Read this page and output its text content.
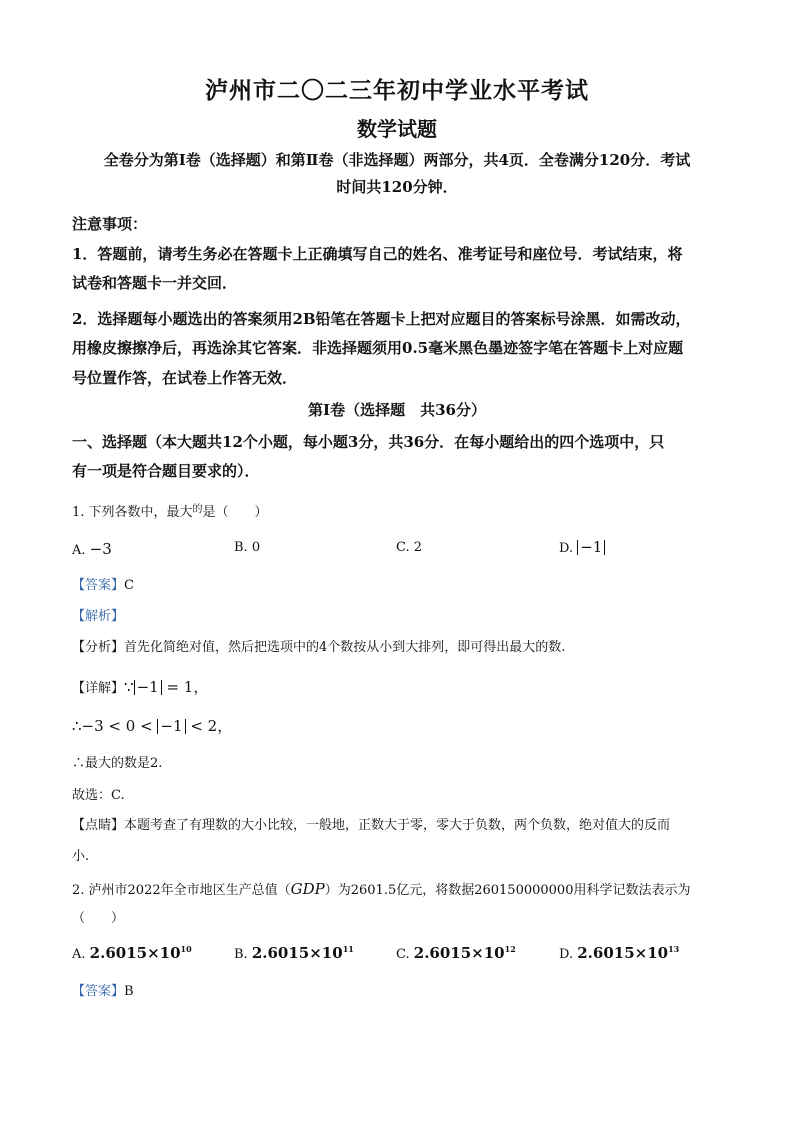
泸州市二〇二三年初中学业水平考试
数学试题

全卷分为第Ⅰ卷（选择题）和第Ⅱ卷（非选择题）两部分，共4页．全卷满分120分．考试

时间共120分钟．

注意事项：

1．答题前，请考生务必在答题卡上正确填写自己的姓名、准考证号和座位号．考试结束，将

试卷和答题卡一并交回．

2．选择题每小题选出的答案须用2B铅笔在答题卡上把对应题目的答案标号涂黑．如需改动，

用橡皮擦擦净后，再选涂其它答案．非选择题须用0.5毫米黑色墨迹签字笔在答题卡上对应题

号位置作答，在试卷上作答无效．

第Ⅰ卷（选择题　共36分）

一、选择题（本大题共12个小题，每小题3分，共36分．在每小题给出的四个选项中，只

有一项是符合题目要求的）．

1. 下列各数中，最大$^的$是（　　）

A. −3	B. 0	C. 2	D. −1

【答案】C

【解析】

【分析】首先化简绝对值，然后把选项中的4个数按从小到大排列，即可得出最大的数.

【详解】∵ −1 = 1，

∴−3 < 0 < −1 < 2，

∴最大的数是2.

故选：C.

【点睛】本题考查了有理数的大小比较，一般地，正数大于零，零大于负数，两个负数，绝对值大的反而

小.

2. 泸州市2022年全市地区生产总值（GDP）为2601.5亿元，将数据260150000000用科学记数法表示为

（　　）

A. $2.6015\times 10^{10}$	B. $2.6015\times 10^{11}$	C. $2.6015\times 10^{12}$	D. $2.6015\times 10^{13}$

【答案】B
